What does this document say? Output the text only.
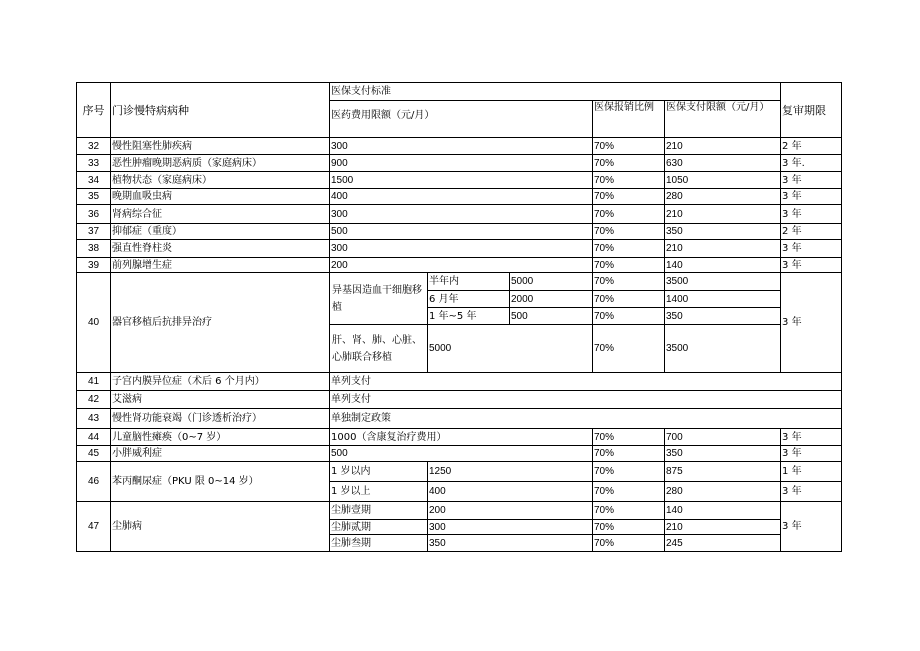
序号	门诊慢特病病种	医保支付标准					复审期限
		医药费用限额（元/月）			医保报销比例	医保支付限额（元/月）	
32	慢性阻塞性肺疾病	300			70%	210	2 年
33	恶性肿瘤晚期恶病质（家庭病床）	900			70%	630	3 年.
34	植物状态（家庭病床）	1500			70%	1050	3 年
35	晚期血吸虫病	400			70%	280	3 年
36	肾病综合征	300			70%	210	3 年
37	抑郁症（重度）	500			70%	350	2 年
38	强直性脊柱炎	300			70%	210	3 年
39	前列腺增生症	200			70%	140	3 年
40	器官移植后抗排异治疗	异基因造血干细胞移植	半年内	5000	70%	3500	3 年
			6 月年	2000	70%	1400	
			1 年~5 年	500	70%	350	
		肝、肾、肺、心脏、心肺联合移植	5000		70%	3500	
41	子宫内膜异位症（术后 6 个月内）	单列支付					
42	艾滋病	单列支付					
43	慢性肾功能衰竭（门诊透析治疗）	单独制定政策					
44	儿童脑性瘫痪（0~7 岁）	1000（含康复治疗费用）			70%	700	3 年
45	小胖威利症	500			70%	350	3 年
46	苯丙酮尿症（PKU 限 0~14 岁）	1 岁以内	1250		70%	875	1 年
		1 岁以上	400		70%	280	3 年
47	尘肺病	尘肺壹期	200		70%	140	3 年
		尘肺贰期	300		70%	210	
		尘肺叁期	350		70%	245	
